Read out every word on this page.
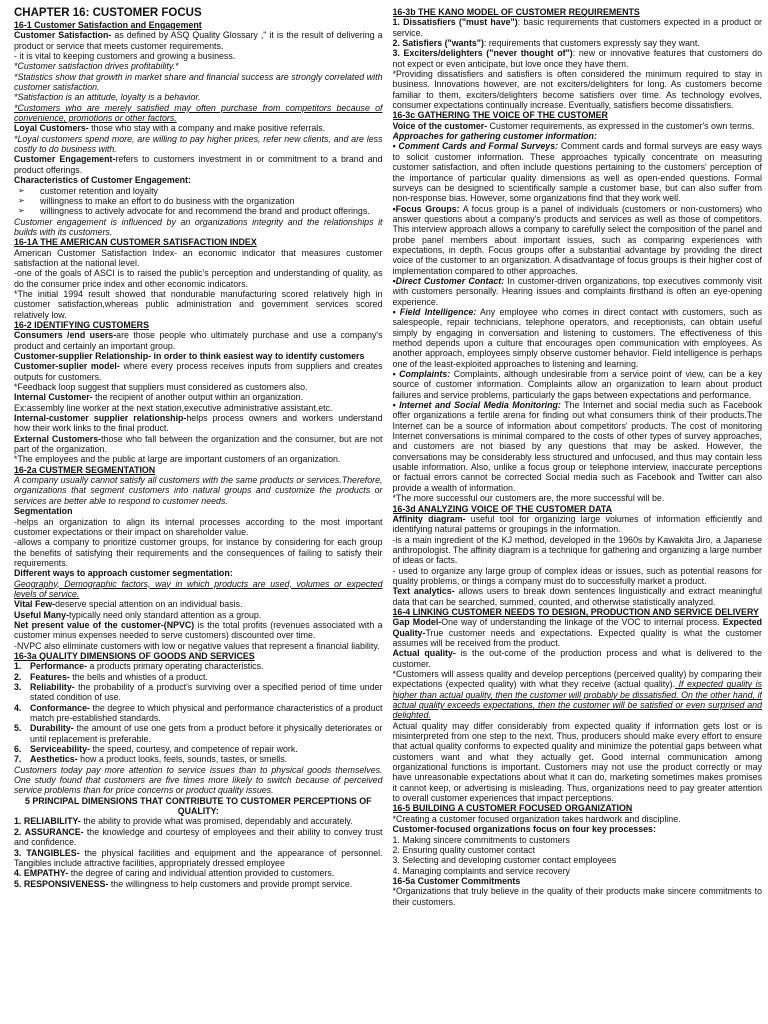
CHAPTER 16: CUSTOMER FOCUS

16-1 Customer Satisfaction and Engagement

Customer Satisfaction- as defined by ASQ Quality Glossary ," it is the result of delivering a product or service that meets customer requirements.

- it is vital to keeping customers and growing a business.

*Customer satisfaction drives profitability.*

*Statistics show that growth in market share and financial success are strongly correlated with customer satisfaction.

*Satisfaction is an attitude, loyalty is a behavior.

*Customers who are merely satisfied may often purchase from competitors because of convenience, promotions or other factors.

Loyal Customers- those who stay with a company and make positive referrals.

*Loyal customers spend more, are willing to pay higher prices, refer new clients, and are less costly to do business with.

Customer Engagement-refers to customers investment in or commitment to a brand and product offerings.

Characteristics of Customer Engagement:

➢ customer retention and loyalty
➢ willingness to make an effort to do business with the organization
➢ willingness to actively advocate for and recommend the brand and product offerings.

Customer engagement is influenced by an organizations integrity and the relationships it builds with its customers.

16-1A THE AMERICAN CUSTOMER SATISFACTION INDEX

American Customer Satisfaction Index- an economic indicator that measures customer satisfaction at the national level.

-one of the goals of ASCI is to raised the public's perception and understanding of quality, as do the consumer price index and other economic indicators.

*The initial 1994 result showed that nondurable manufacturing scored relatively high in customer satisfaction,whereas public administration and government services scored relatively low.

16-2 IDENTIFYING CUSTOMERS

Consumers /end users-are those people who ultimately purchase and use a company's product and certainly an important group.

Customer-supplier Relationship- in order to think easiest way to identify customers

Customer-suplier model- where every process receives inputs from suppliers and creates outputs for customers.

*Feedback loop suggest that suppliers must considered as customers also.

Internal Customer- the recipient of another output within an organization.

Ex:assembly line worker at the next station,executive administrative assistant,etc.

Internal-customer supplier relationship-helps process owners and workers understand how their work links to the final product.

External Customers-those who fall between the organization and the consumer, but are not part of the organization.

*The employees and the public at large are important customers of an organization.

16-2a CUSTMER SEGMENTATION

A company usually cannot satisfy all customers with the same products or services.Therefore, organizations that segment customers into natural groups and customize the products or services are better able to respond to customer needs.

Segmentation

-helps an organization to align its internal processes according to the most important customer expectations or their impact on shareholder value.

-allows a company to prioritize customer groups, for instance by considering for each group the benefits of satisfying their requirements and the consequences of failing to satisfy their requirements.

Different ways to approach customer segmentation:

Geography, Demographic factors, way in which products are used, volumes or expected levels of service.

Vital Few-deserve special attention on an individual basis.

Useful Many-typically need only standard attention as a group.

Net present value of the customer-(NPVC) is the total profits (revenues associated with a customer minus expenses needed to serve customers) discounted over time.

-NVPC also eliminate customers with low or negative values that represent a financial liability.

16-3a QUALITY DIMENSIONS OF GOODS AND SERVICES

1. Performance- a products primary operating characteristics.
2. Features- the bells and whistles of a product.
3. Reliability- the probability of a product's surviving over a specified period of time under stated condition of use.
4. Conformance- the degree to which physical and performance characteristics of a product match pre-established standards.
5. Durability- the amount of use one gets from a product before it physically deteriorates or until replacement is preferable.
6. Serviceability- the speed, courtesy, and competence of repair work.
7. Aesthetics- how a product looks, feels, sounds, tastes, or smells.

Customers today pay more attention to service issues than to physical goods themselves. One study found that customers are five times more likely to switch because of perceived service problems than for price concerns or product quality issues.

5 PRINCIPAL DIMENSIONS THAT CONTRIBUTE TO CUSTOMER PERCEPTIONS OF QUALITY:

1. RELIABILITY- the ability to provide what was promised, dependably and accurately.

2. ASSURANCE- the knowledge and courtesy of employees and their ability to convey trust and confidence.

3. TANGIBLES- the physical facilities and equipment and the appearance of personnel. Tangibles include attractive facilities, appropriately dressed employee

4. EMPATHY- the degree of caring and individual attention provided to customers.

5. RESPONSIVENESS- the willingness to help customers and provide prompt service.

16-3b THE KANO MODEL OF CUSTOMER REQUIREMENTS

1. Dissatisfiers ("must have"): basic requirements that customers expected in a product or service.

2. Satisfiers ("wants"): requirements that customers expressly say they want.

3. Exciters/delighters ("never thought of"): new or innovative features that customers do not expect or even anticipate, but love once they have them.

*Providing dissatisfiers and satisfiers is often considered the minimum required to stay in business. Innovations however, are not exciters/delighters for long. As customers become familiar to them, exciters/delighters become satisfiers over time. As technology evolves, consumer expectations continually increase. Eventually, satisfiers become dissatisfiers.

16-3c GATHERING THE VOICE OF THE CUSTOMER

Voice of the customer- Customer requirements, as expressed in the customer's own terms.

Approaches for gathering customer information:

• Comment Cards and Formal Surveys: Comment cards and formal surveys are easy ways to solicit customer information. These approaches typically concentrate on measuring customer satisfaction, and often include questions pertaining to the customers' perception of the importance of particular quality dimensions as well as open-ended questions. Formal surveys can be designed to scientifically sample a customer base, but can also suffer from non-response bias. However, some organizations find that they work well.

•Focus Groups: A focus group is a panel of individuals (customers or non-customers) who answer questions about a company's products and services as well as those of competitors. This interview approach allows a company to carefully select the composition of the panel and probe panel members about important issues, such as comparing experiences with expectations, in depth. Focus groups offer a substantial advantage by providing the direct voice of the customer to an organization. A disadvantage of focus groups is their higher cost of implementation compared to other approaches.

•Direct Customer Contact: In customer-driven organizations, top executives commonly visit with customers personally. Hearing issues and complaints firsthand is often an eye-opening experience.

• Field Intelligence: Any employee who comes in direct contact with customers, such as salespeople, repair technicians, telephone operators, and receptionists, can obtain useful simply by engaging in conversation and listening to customers. The effectiveness of this method depends upon a culture that encourages open communication with employees. As another approach, employees simply observe customer behavior. Field intelligence is perhaps one of the least-exploited approaches to listening and learning.

• Complaints: Complaints, although undesirable from a service point of view, can be a key source of customer information. Complaints allow an organization to learn about product failures and service problems, particularly the gaps between expectations and performance.

• Internet and Social Media Monitoring: The Internet and social media such as Facebook offer organizations a fertile arena for finding out what consumers think of their products.The Internet can be a source of information about competitors' products. The cost of monitoring Internet conversations is minimal compared to the costs of other types of survey approaches, and customers are not biased by any questions that may be asked. However, the conversations may be considerably less structured and unfocused, and thus may contain less usable information. Also, unlike a focus group or telephone interview, inaccurate perceptions or factual errors cannot be corrected Social media such as Facebook and Twitter can also provide a wealth of information.

*The more successful our customers are, the more successful will be.

16-3d ANALYZING VOICE OF THE CUSTOMER DATA

Affinity diagram- useful tool for organizing large volumes of information efficiently and identifying natural patterns or groupings in the information.

-is a main ingredient of the KJ method, developed in the 1960s by Kawakita Jiro, a Japanese anthropologist. The affinity diagram is a technique for gathering and organizing a large number of ideas or facts.

- used to organize any large group of complex ideas or issues, such as potential reasons for quality problems, or things a company must do to successfully market a product.

Text analytics- allows users to break down sentences linguistically and extract meaningful data that can be searched, summed, counted, and otherwise statistically analyzed.

16-4 LINKING CUSTOMER NEEDS TO DESIGN, PRODUCTION AND SERVICE DELIVERY

Gap Model-One way of understanding the linkage of the VOC to internal process. Expected Quality-True customer needs and expectations. Expected quality is what the customer assumes will be received from the product.

Actual quality- is the out-come of the production process and what is delivered to the customer.

*Customers will assess quality and develop perceptions (perceived quality) by comparing their expectations (expected quality) with what they receive (actual quality). If expected quality is higher than actual quality, then the customer will probably be dissatisfied. On the other hand, if actual quality exceeds expectations, then the customer will be satisfied or even surprised and delighted.

Actual quality may differ considerably from expected quality if information gets lost or is misinterpreted from one step to the next. Thus, producers should make every effort to ensure that actual quality conforms to expected quality and minimize the potential gaps between what customers want and what they actually get. Good internal communication among organizational functions is important. Customers may not use the product correctly or may have unreasonable expectations about what it can do, marketing sometimes makes promises it cannot keep, or advertising is misleading. Thus, organizations need to pay greater attention to overall customer experiences that impact perceptions.

16-5 BUILDING A CUSTOMER FOCUSED ORGANIZATION

*Creating a customer focused organization takes hardwork and discipline.

Customer-focused organizations focus on four key processes:

1. Making sincere commitments to customers

2. Ensuring quality customer contact

3. Selecting and developing customer contact employees

4. Managing complaints and service recovery

16-5a Customer Commitments

*Organizations that truly believe in the quality of their products make sincere commitments to their customers.
